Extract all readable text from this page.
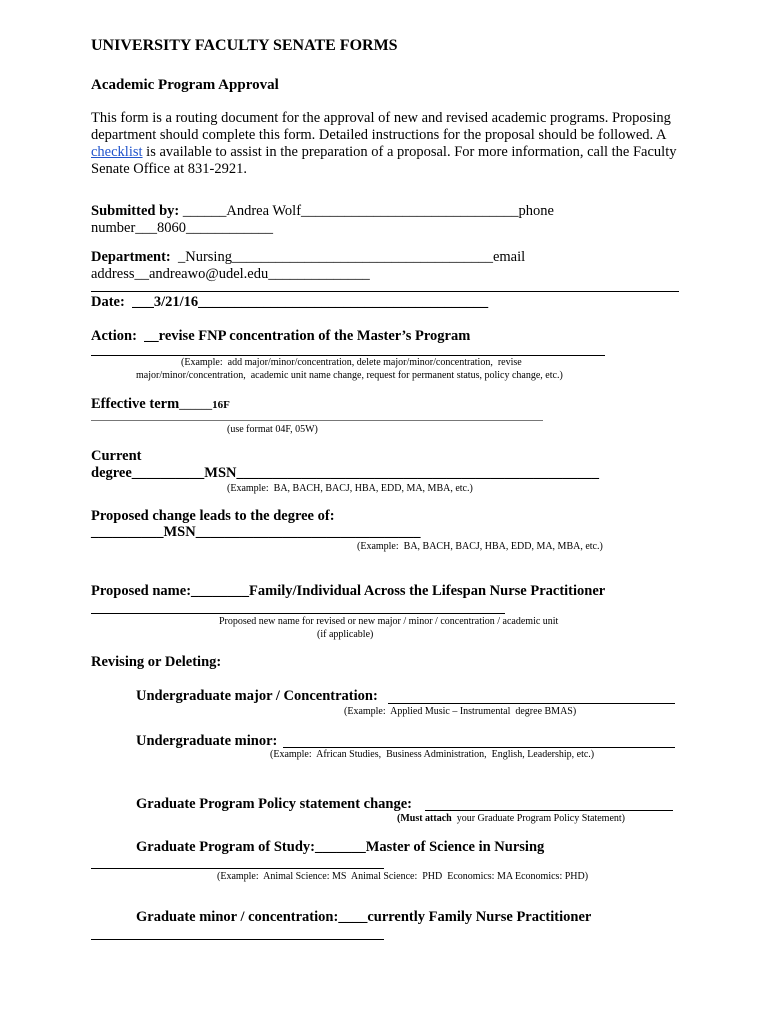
UNIVERSITY FACULTY SENATE FORMS
Academic Program Approval
This form is a routing document for the approval of new and revised academic programs. Proposing department should complete this form. Detailed instructions for the proposal should be followed. A checklist is available to assist in the preparation of a proposal. For more information, call the Faculty Senate Office at 831-2921.
Submitted by: ______Andrea Wolf______________________________phone
number___8060____________
Department:  _Nursing____________________________________email
address__andreawo@udel.edu______________
Date:  ___3/21/16________________________________________
Action:  __revise FNP concentration of the Master’s Program
(Example:  add major/minor/concentration, delete major/minor/concentration,  revise
major/minor/concentration,  academic unit name change, request for permanent status, policy change, etc.)
Effective term______16F
(use format 04F, 05W)
Current
degree__________MSN__________________________________________________
(Example:  BA, BACH, BACJ, HBA, EDD, MA, MBA, etc.)
Proposed change leads to the degree of:
__________MSN_______________________________
(Example:  BA, BACH, BACJ, HBA, EDD, MA, MBA, etc.)
Proposed name:________Family/Individual Across the Lifespan Nurse Practitioner
Proposed new name for revised or new major / minor / concentration / academic unit
(if applicable)
Revising or Deleting:
Undergraduate major / Concentration:
(Example:  Applied Music – Instrumental  degree BMAS)
Undergraduate minor:
(Example:  African Studies,  Business Administration,  English, Leadership, etc.)
Graduate Program Policy statement change:
(Must attach  your Graduate Program Policy Statement)
Graduate Program of Study:_______Master of Science in Nursing
(Example:  Animal Science: MS  Animal Science:  PHD  Economics: MA Economics: PHD)
Graduate minor / concentration:____currently Family Nurse Practitioner
